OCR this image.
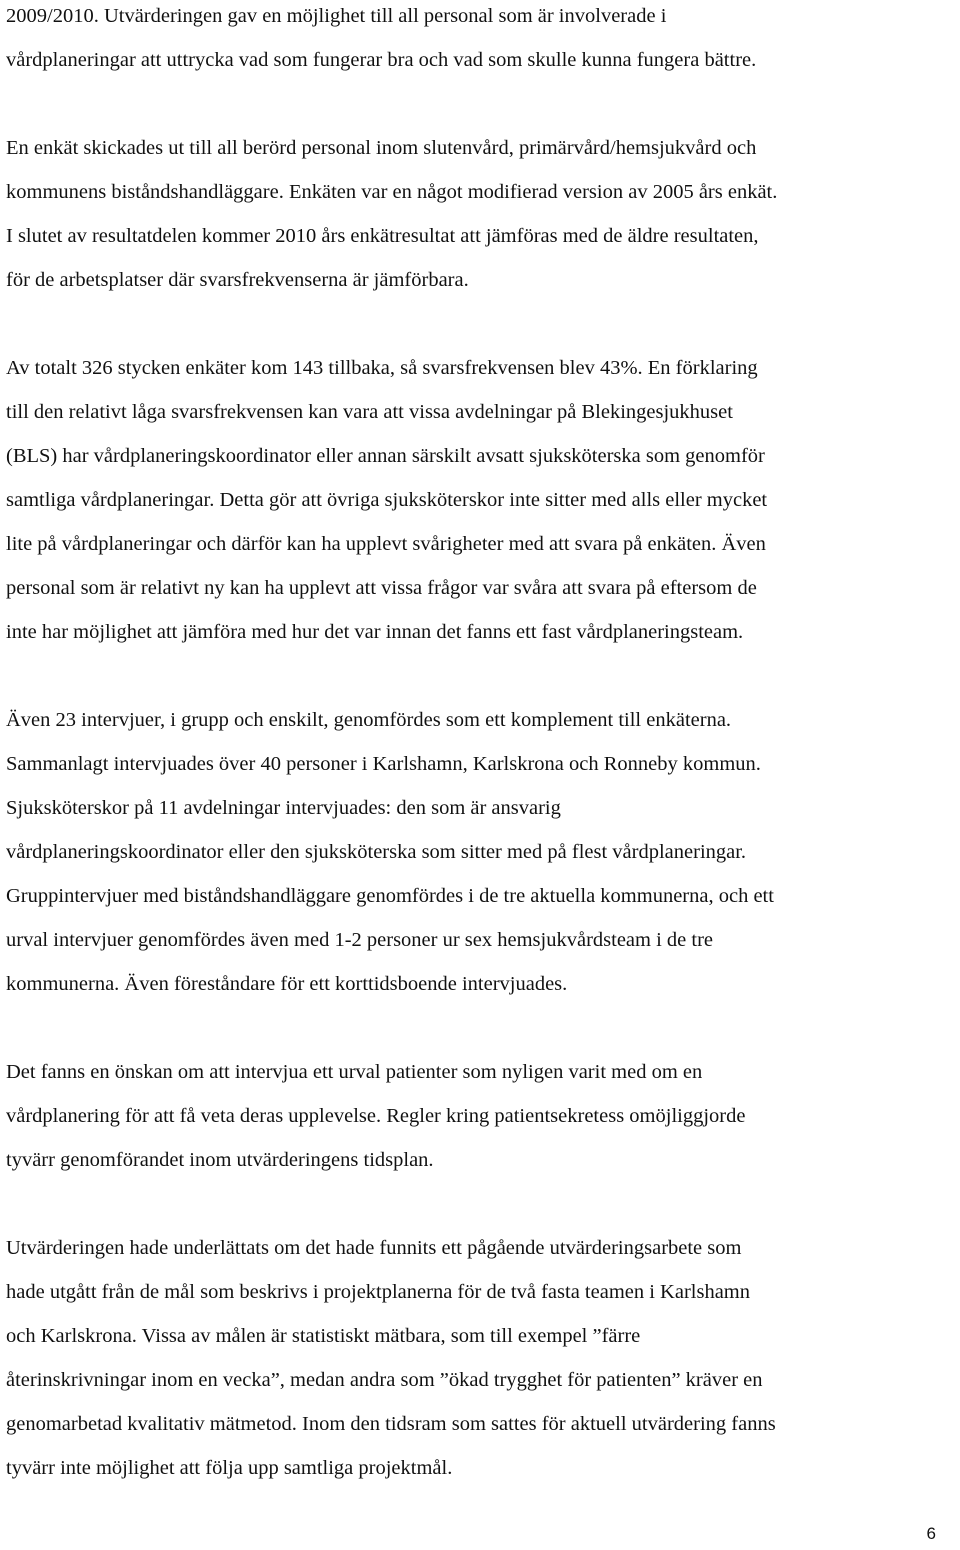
2009/2010. Utvärderingen gav en möjlighet till all personal som är involverade i
vårdplaneringar att uttrycka vad som fungerar bra och vad som skulle kunna fungera bättre.

En enkät skickades ut till all berörd personal inom slutenvård, primärvård/hemsjukvård och
kommunens biståndshandläggare. Enkäten var en något modifierad version av 2005 års enkät.
I slutet av resultatdelen kommer 2010 års enkätresultat att jämföras med de äldre resultaten,
för de arbetsplatser där svarsfrekvenserna är jämförbara.

Av totalt 326 stycken enkäter kom 143 tillbaka, så svarsfrekvensen blev 43%. En förklaring
till den relativt låga svarsfrekvensen kan vara att vissa avdelningar på Blekingesjukhuset
(BLS) har vårdplaneringskoordinator eller annan särskilt avsatt sjuksköterska som genomför
samtliga vårdplaneringar. Detta gör att övriga sjuksköterskor inte sitter med alls eller mycket
lite på vårdplaneringar och därför kan ha upplevt svårigheter med att svara på enkäten. Även
personal som är relativt ny kan ha upplevt att vissa frågor var svåra att svara på eftersom de
inte har möjlighet att jämföra med hur det var innan det fanns ett fast vårdplaneringsteam.

Även 23 intervjuer, i grupp och enskilt, genomfördes som ett komplement till enkäterna.
Sammanlagt intervjuades över 40 personer i Karlshamn, Karlskrona och Ronneby kommun.
Sjuksköterskor på 11 avdelningar intervjuades: den som är ansvarig
vårdplaneringskoordinator eller den sjuksköterska som sitter med på flest vårdplaneringar.
Gruppintervjuer med biståndshandläggare genomfördes i de tre aktuella kommunerna, och ett
urval intervjuer genomfördes även med 1-2 personer ur sex hemsjukvårdsteam i de tre
kommunerna. Även föreståndare för ett korttidsboende intervjuades.

Det fanns en önskan om att intervjua ett urval patienter som nyligen varit med om en
vårdplanering för att få veta deras upplevelse. Regler kring patientsekretess omöjliggjorde
tyvärr genomförandet inom utvärderingens tidsplan.

Utvärderingen hade underlättats om det hade funnits ett pågående utvärderingsarbete som
hade utgått från de mål som beskrivs i projektplanerna för de två fasta teamen i Karlshamn
och Karlskrona. Vissa av målen är statistiskt mätbara, som till exempel ”färre
återinskrivningar inom en vecka”, medan andra som ”ökad trygghet för patienten” kräver en
genomarbetad kvalitativ mätmetod. Inom den tidsram som sattes för aktuell utvärdering fanns
tyvärr inte möjlighet att följa upp samtliga projektmål.

6
